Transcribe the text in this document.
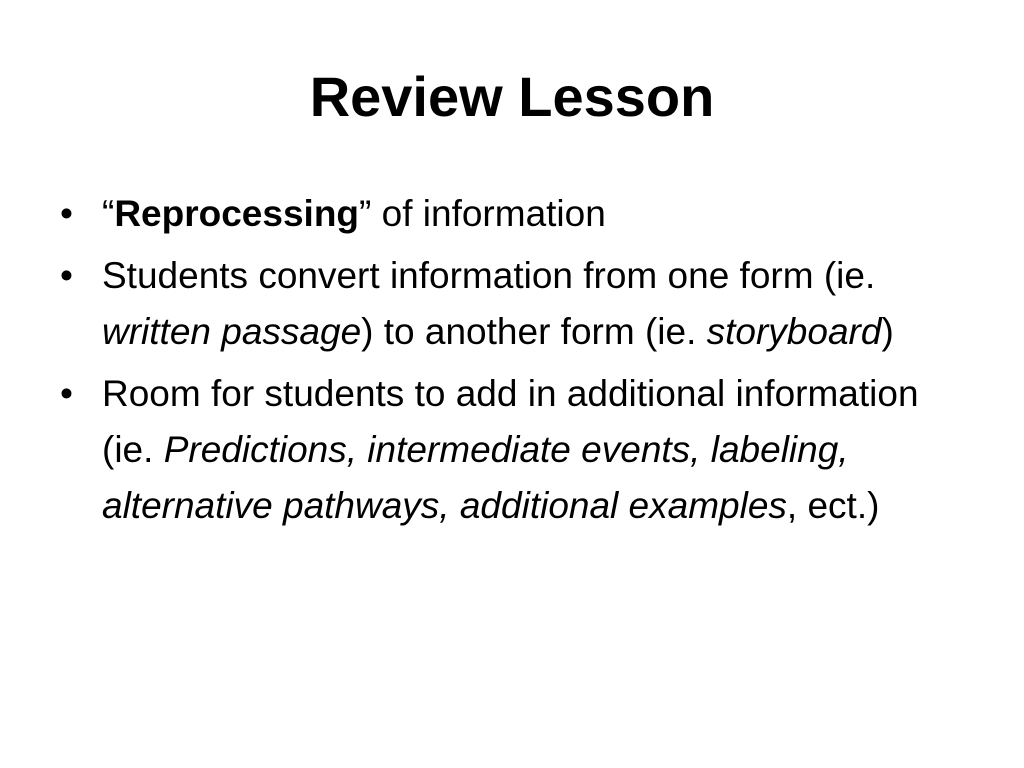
Review Lesson
• “Reprocessing” of information
• Students convert information from one form (ie. written passage) to another form (ie. storyboard)
• Room for students to add in additional information (ie. Predictions, intermediate events, labeling, alternative pathways, additional examples, ect.)
